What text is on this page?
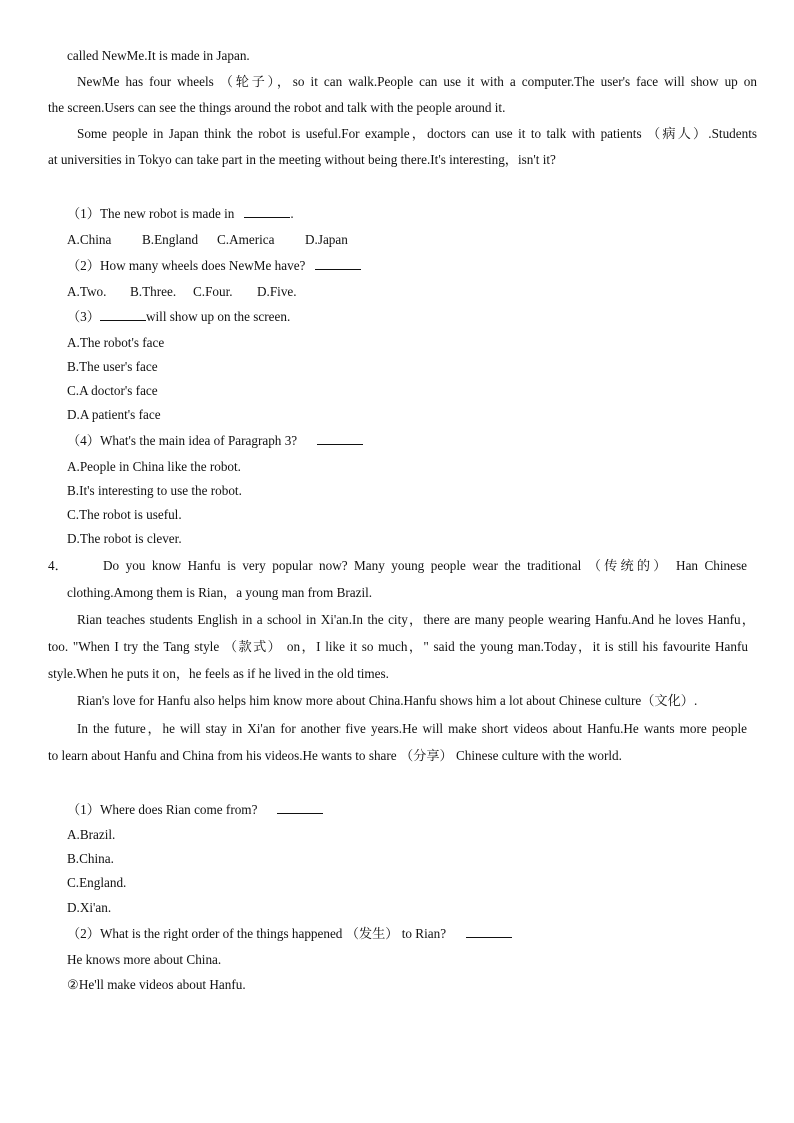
called NewMe.It is made in Japan.
NewMe has four wheels （轮子），so it can walk.People can use it with a computer.The user's face will show up on
the screen.Users can see the things around the robot and talk with the people around it.
Some people in Japan think the robot is useful.For example，doctors can use it to talk with patients （病人）.Students
at universities in Tokyo can take part in the meeting without being there.It's interesting，isn't it?
（1）The new robot is made in	.
A.China B.England C.America D.Japan
（2）How many wheels does NewMe have?
A.Two. B.Three. C.Four. D.Five.
（3）	will show up on the screen.
A.The robot's face
B.The user's face
C.A doctor's face
D.A patient's face
（4）What's the main idea of Paragraph 3?
A.People in China like the robot.
B.It's interesting to use the robot.
C.The robot is useful.
D.The robot is clever.
4．	Do you know Hanfu is very popular now? Many young people wear the traditional （传统的） Han Chinese
clothing.Among them is Rian，a young man from Brazil.
Rian teaches students English in a school in Xi'an.In the city，there are many people wearing Hanfu.And he loves Hanfu，
too. "When I try the Tang style （款式） on，I like it so much，" said the young man.Today，it is still his favourite Hanfu
style.When he puts it on，he feels as if he lived in the old times.
Rian's love for Hanfu also helps him know more about China.Hanfu shows him a lot about Chinese culture（文化）.
In the future，he will stay in Xi'an for another five years.He will make short videos about Hanfu.He wants more people
to learn about Hanfu and China from his videos.He wants to share （分享） Chinese culture with the world.
（1）Where does Rian come from?
A.Brazil.
B.China.
C.England.
D.Xi'an.
（2）What is the right order of the things happened （发生） to Rian?
He knows more about China.
②He'll make videos about Hanfu.
